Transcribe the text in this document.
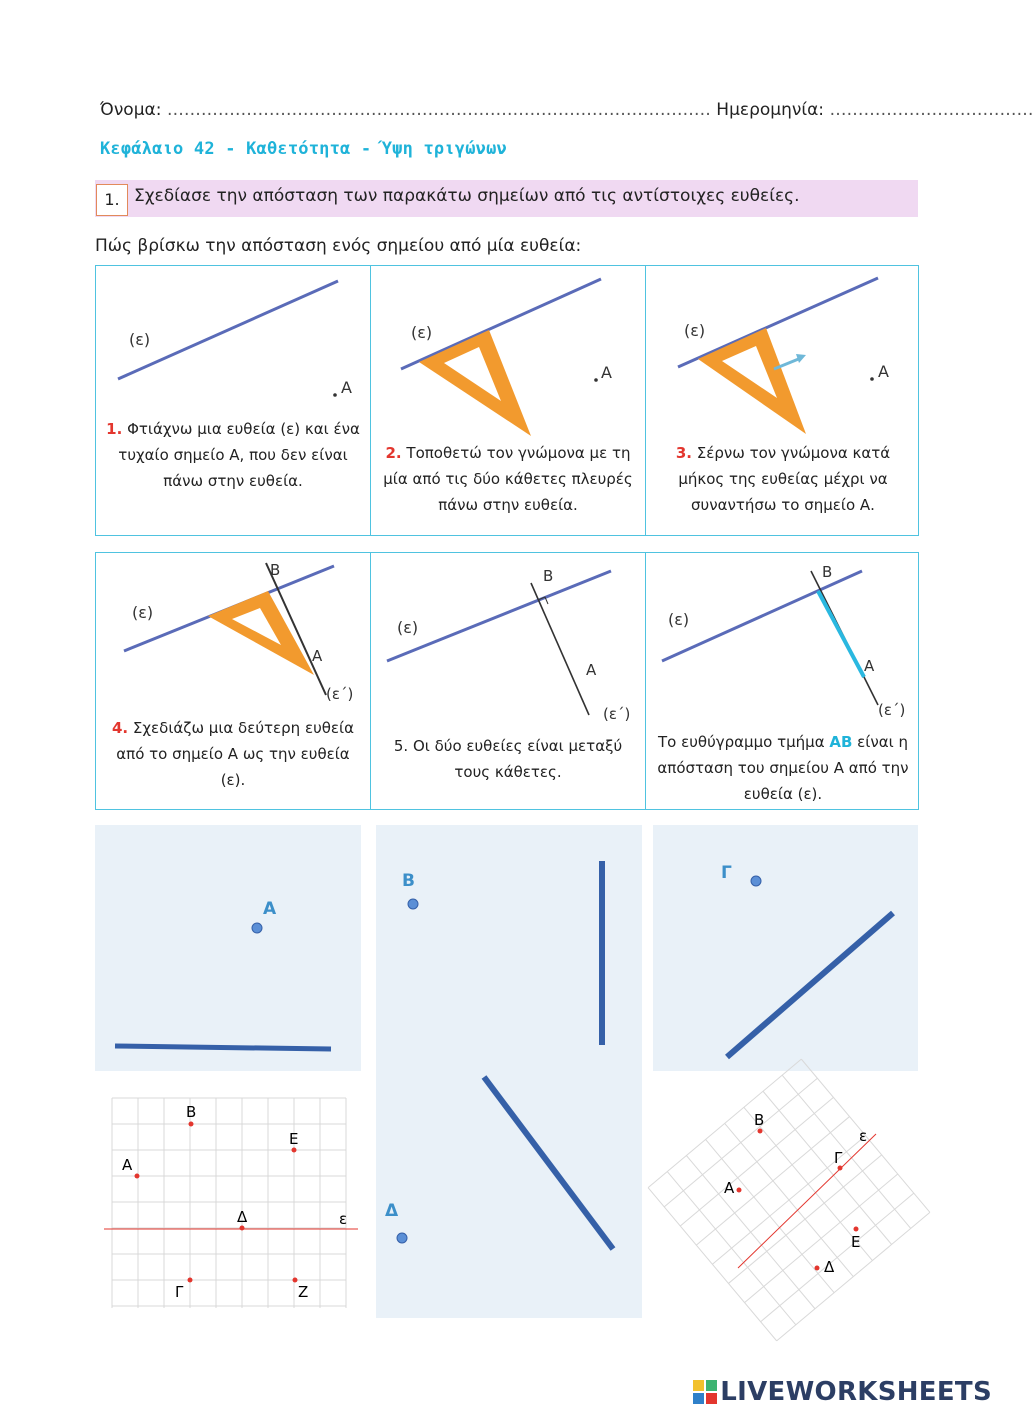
Όνομα: …………………………………………………………………………………… Ημερομηνία: ………………………………
Κεφάλαιο 42 - Καθετότητα - Ύψη τριγώνων
1. Σχεδίασε την απόσταση των παρακάτω σημείων από τις αντίστοιχες ευθείες.
Πώς βρίσκω την απόσταση ενός σημείου από μία ευθεία:
(ε)
Α
1. Φτιάχνω μια ευθεία (ε) και ένα τυχαίο σημείο Α, που δεν είναι πάνω στην ευθεία.
(ε)
Α
2. Τοποθετώ τον γνώμονα με τη μία από τις δύο κάθετες πλευρές πάνω στην ευθεία.
(ε)
Α
3. Σέρνω τον γνώμονα κατά μήκος της ευθείας μέχρι να συναντήσω το σημείο Α.
(ε)
Β
Α
(ε΄)
4. Σχεδιάζω μια δεύτερη ευθεία από το σημείο Α ως την ευθεία (ε).
(ε)
Β
Α
(ε΄)
5. Οι δύο ευθείες είναι μεταξύ τους κάθετες.
(ε)
Β
Α
(ε΄)
Το ευθύγραμμο τμήμα ΑΒ είναι η απόσταση του σημείου Α από την ευθεία (ε).
Α
Β
Δ
Γ
Β
Α
Ε
Δ	ε
Γ	Ζ
Β
ε
Γ
Α
Ε
Δ
LIVEWORKSHEETS
